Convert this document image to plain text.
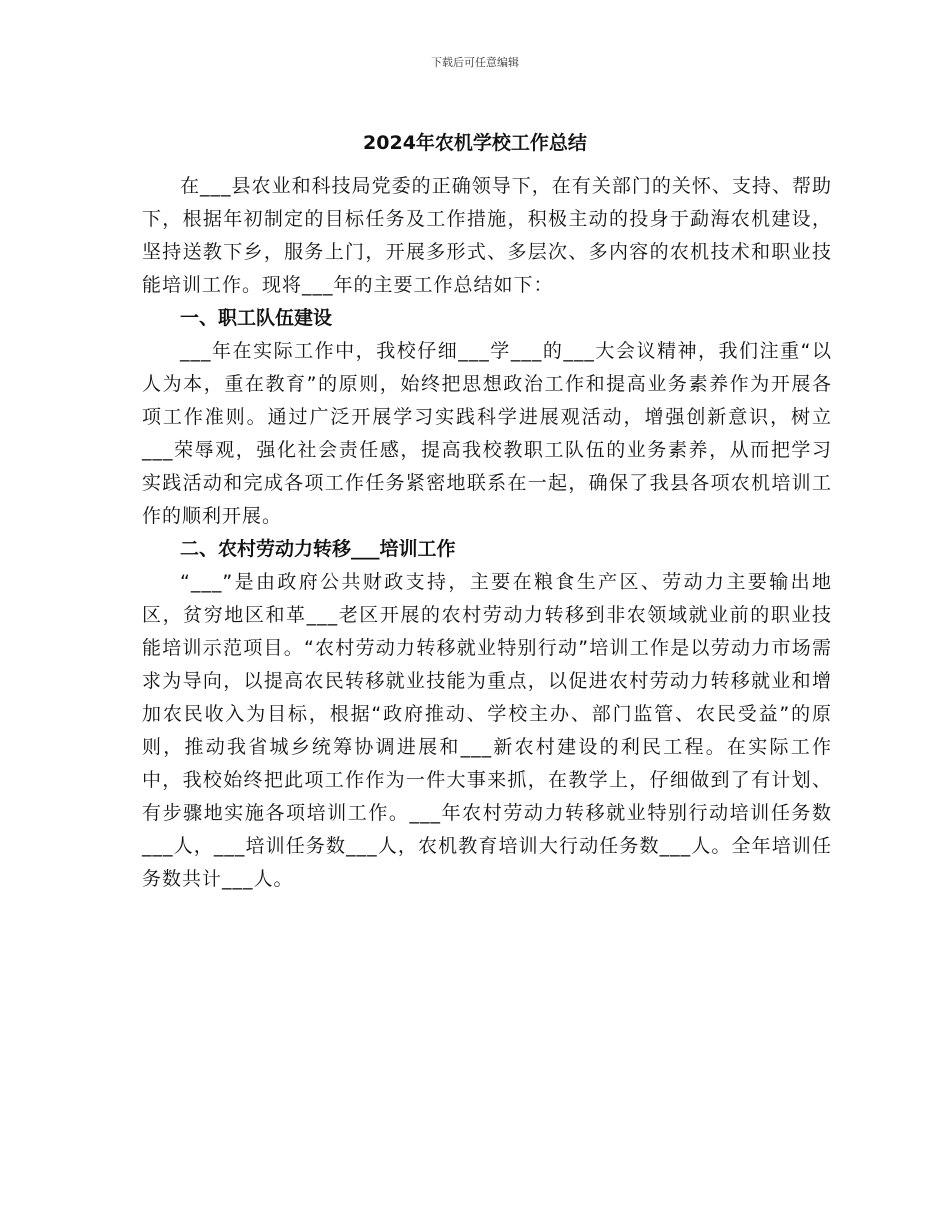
下载后可任意编辑
2024年农机学校工作总结

在___县农业和科技局党委的正确领导下，在有关部门的关怀、支持、帮助下，根据年初制定的目标任务及工作措施，积极主动的投身于勐海农机建设，坚持送教下乡，服务上门，开展多形式、多层次、多内容的农机技术和职业技能培训工作。现将___年的主要工作总结如下：

一、职工队伍建设

___年在实际工作中，我校仔细___学___的___大会议精神，我们注重“以人为本，重在教育”的原则，始终把思想政治工作和提高业务素养作为开展各项工作准则。通过广泛开展学习实践科学进展观活动，增强创新意识，树立___荣辱观，强化社会责任感，提高我校教职工队伍的业务素养，从而把学习实践活动和完成各项工作任务紧密地联系在一起，确保了我县各项农机培训工作的顺利开展。

二、农村劳动力转移___培训工作

“___”是由政府公共财政支持，主要在粮食生产区、劳动力主要输出地区，贫穷地区和革___老区开展的农村劳动力转移到非农领域就业前的职业技能培训示范项目。“农村劳动力转移就业特别行动”培训工作是以劳动力市场需求为导向，以提高农民转移就业技能为重点，以促进农村劳动力转移就业和增加农民收入为目标，根据“政府推动、学校主办、部门监管、农民受益”的原则，推动我省城乡统筹协调进展和___新农村建设的利民工程。在实际工作中，我校始终把此项工作作为一件大事来抓，在教学上，仔细做到了有计划、有步骤地实施各项培训工作。___年农村劳动力转移就业特别行动培训任务数___人，___培训任务数___人，农机教育培训大行动任务数___人。全年培训任务数共计___人。
